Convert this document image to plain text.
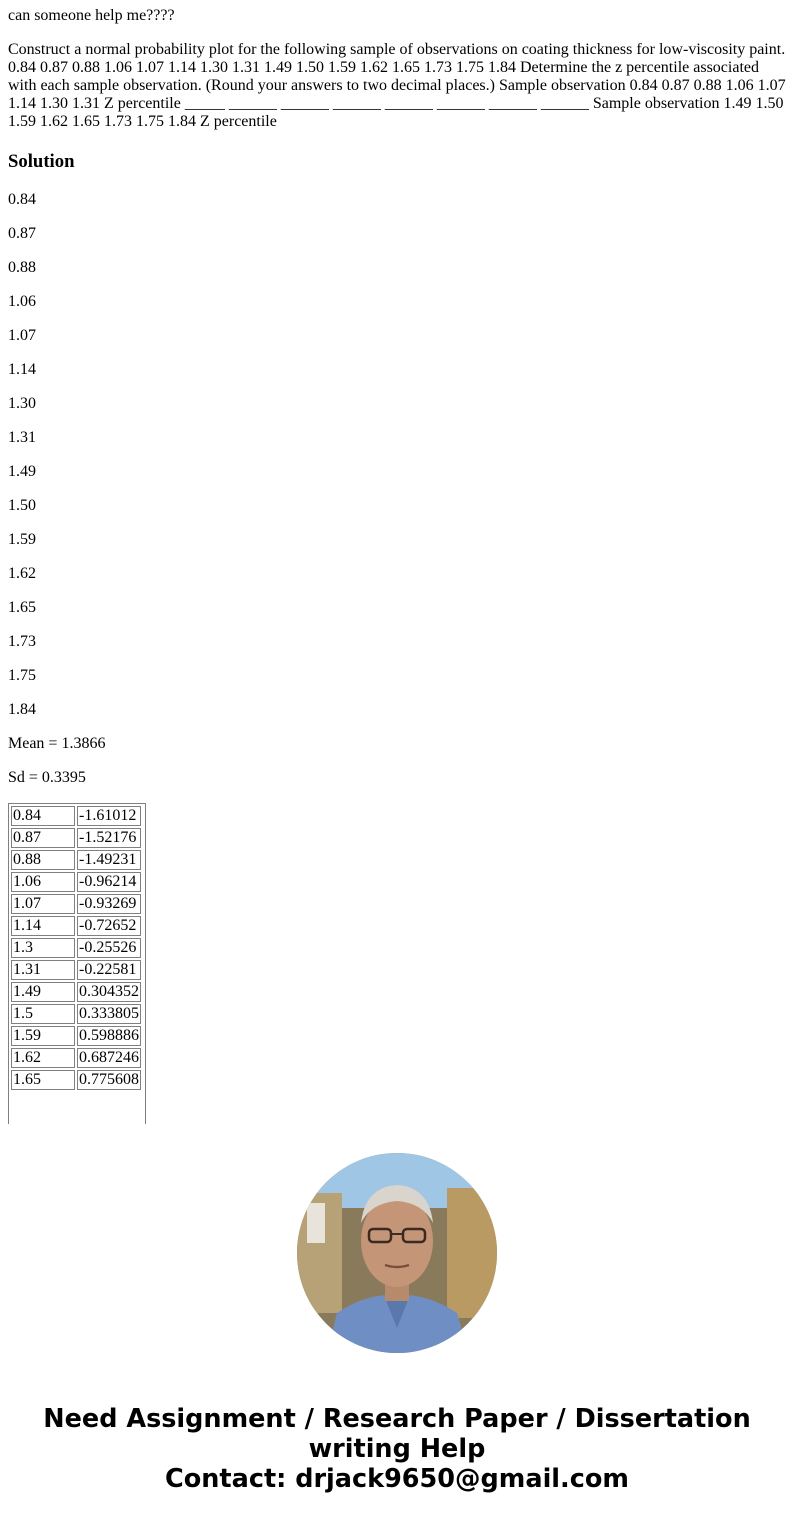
can someone help me????

Construct a normal probability plot for the following sample of observations on coating thickness for low-viscosity paint. 0.84 0.87 0.88 1.06 1.07 1.14 1.30 1.31 1.49 1.50 1.59 1.62 1.65 1.73 1.75 1.84 Determine the z percentile associated with each sample observation. (Round your answers to two decimal places.) Sample observation 0.84 0.87 0.88 1.06 1.07 1.14 1.30 1.31 Z percentile _____ ______ ______ ______ ______ ______ ______ ______ Sample observation 1.49 1.50 1.59 1.62 1.65 1.73 1.75 1.84 Z percentile

Solution
0.84
0.87
0.88
1.06
1.07
1.14
1.30
1.31
1.49
1.50
1.59
1.62
1.65
1.73
1.75
1.84
Mean = 1.3866
Sd = 0.3395
0.84	-1.61012
0.87	-1.52176
0.88	-1.49231
1.06	-0.96214
1.07	-0.93269
1.14	-0.72652
1.3	-0.25526
1.31	-0.22581
1.49	0.304352
1.5	0.333805
1.59	0.598886
1.62	0.687246
1.65	0.775608
Need Assignment / Research Paper / Dissertation
writing Help
Contact: drjack9650@gmail.com
